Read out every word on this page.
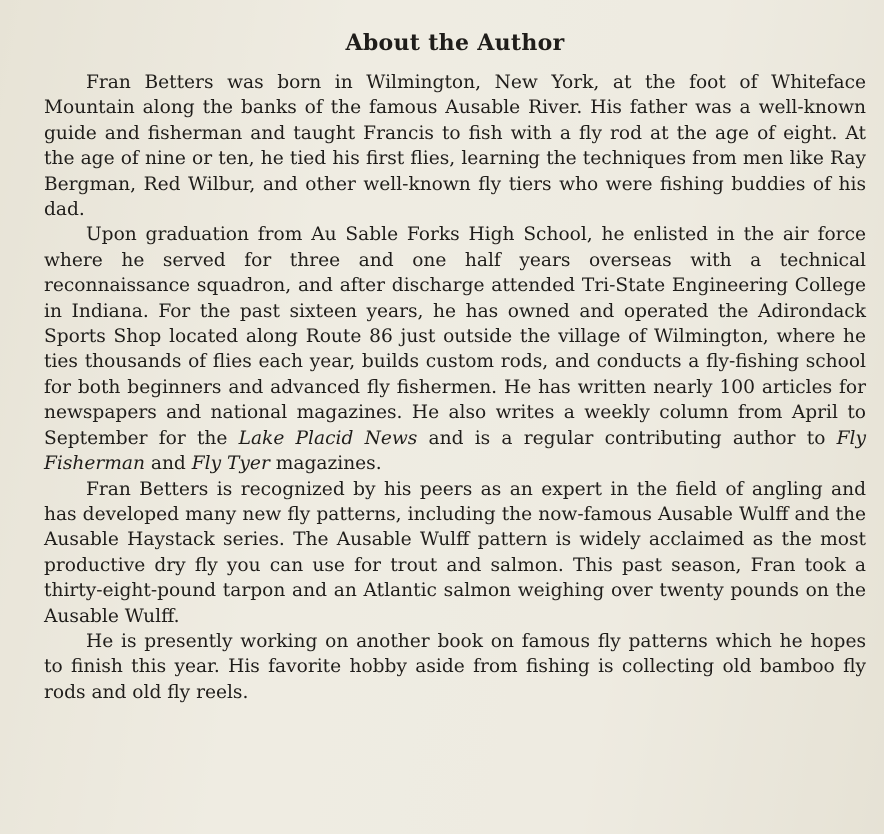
About the Author

Fran Betters was born in Wilmington, New York, at the foot of Whiteface Mountain along the banks of the famous Ausable River. His father was a well-known guide and fisherman and taught Francis to fish with a fly rod at the age of eight. At the age of nine or ten, he tied his first flies, learning the techniques from men like Ray Bergman, Red Wilbur, and other well-known fly tiers who were fishing buddies of his dad.

Upon graduation from Au Sable Forks High School, he enlisted in the air force where he served for three and one half years overseas with a technical reconnaissance squadron, and after discharge attended Tri-State Engineering College in Indiana. For the past sixteen years, he has owned and operated the Adirondack Sports Shop located along Route 86 just outside the village of Wilmington, where he ties thousands of flies each year, builds custom rods, and conducts a fly-fishing school for both beginners and advanced fly fishermen. He has written nearly 100 articles for newspapers and national magazines. He also writes a weekly column from April to September for the Lake Placid News and is a regular contributing author to Fly Fisherman and Fly Tyer magazines.

Fran Betters is recognized by his peers as an expert in the field of angling and has developed many new fly patterns, including the now-famous Ausable Wulff and the Ausable Haystack series. The Ausable Wulff pattern is widely acclaimed as the most productive dry fly you can use for trout and salmon. This past season, Fran took a thirty-eight-pound tarpon and an Atlantic salmon weighing over twenty pounds on the Ausable Wulff.

He is presently working on another book on famous fly patterns which he hopes to finish this year. His favorite hobby aside from fishing is collecting old bamboo fly rods and old fly reels.
